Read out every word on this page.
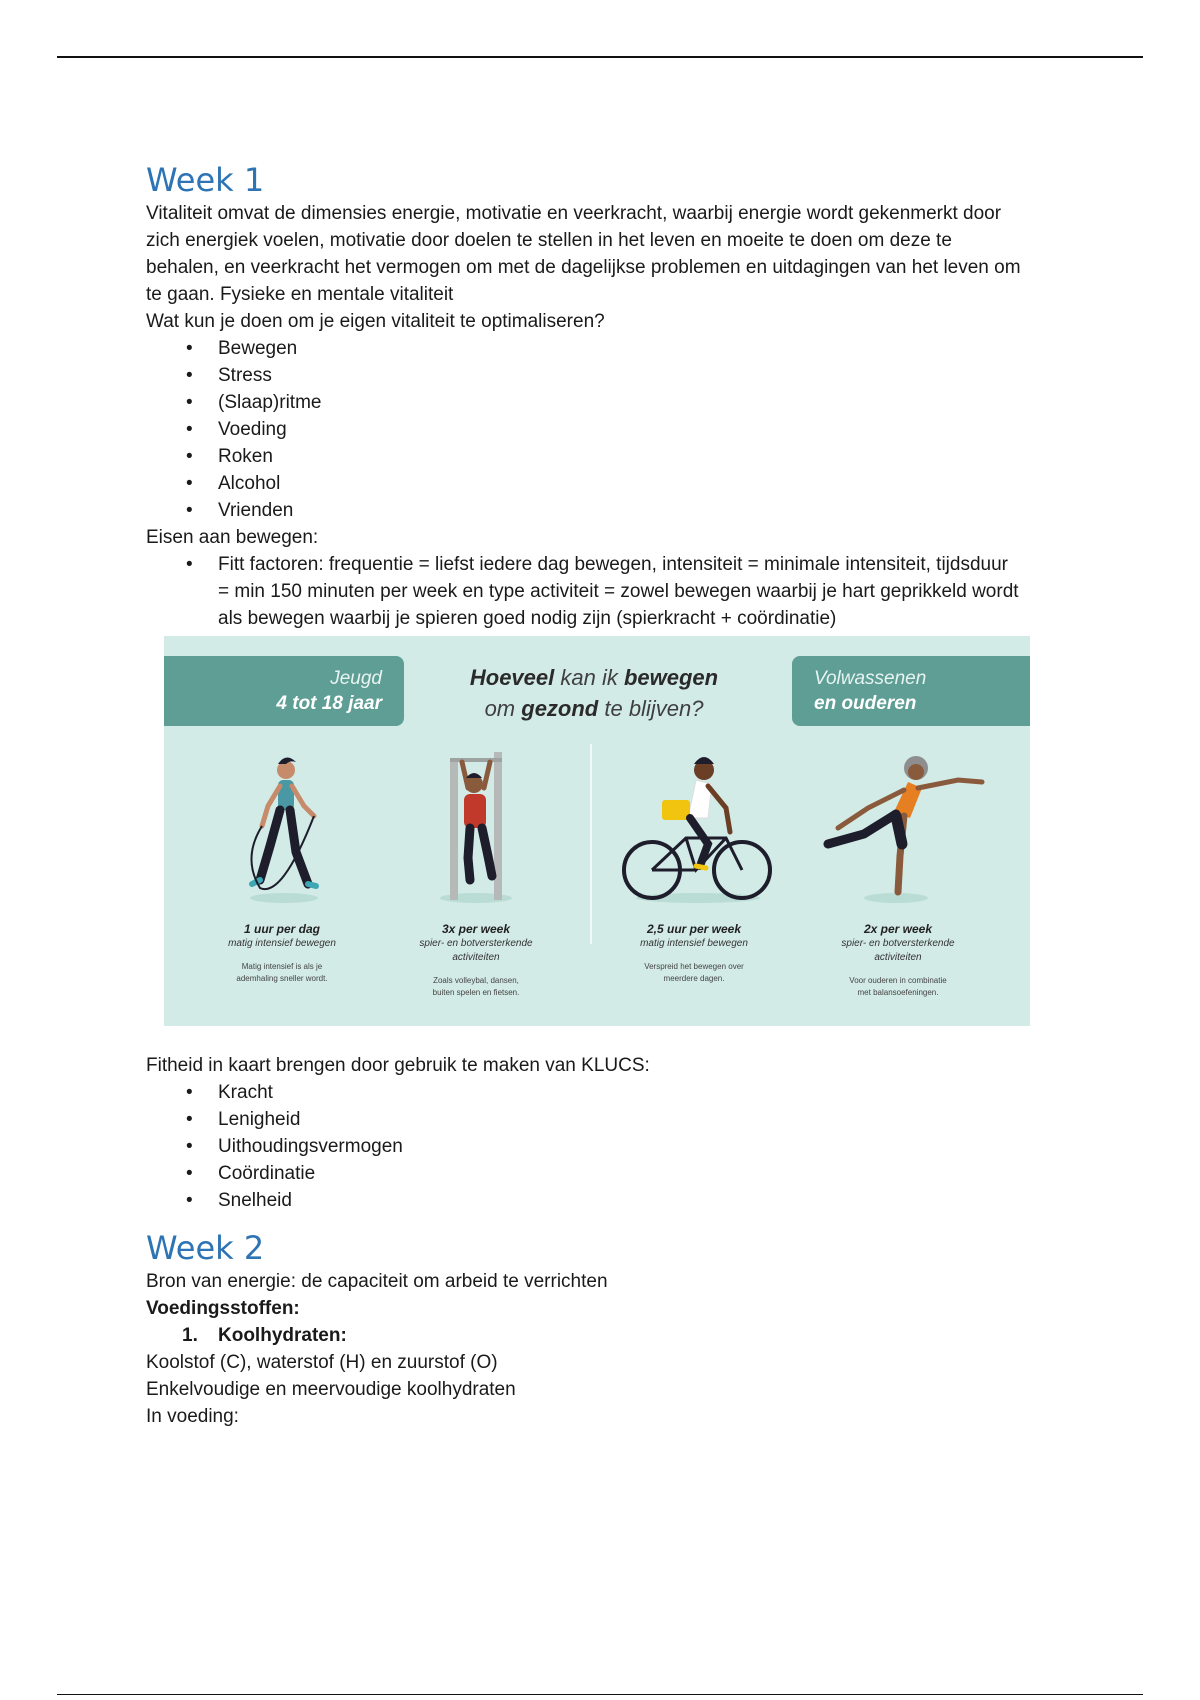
Week 1

Vitaliteit omvat de dimensies energie, motivatie en veerkracht, waarbij energie wordt gekenmerkt door

zich energiek voelen, motivatie door doelen te stellen in het leven en moeite te doen om deze te

behalen, en veerkracht het vermogen om met de dagelijkse problemen en uitdagingen van het leven om

te gaan. Fysieke en mentale vitaliteit

Wat kun je doen om je eigen vitaliteit te optimaliseren?

• Bewegen
• Stress
• (Slaap)ritme
• Voeding
• Roken
• Alcohol
• Vrienden

Eisen aan bewegen:

• Fitt factoren: frequentie = liefst iedere dag bewegen, intensiteit = minimale intensiteit, tijdsduur
= min 150 minuten per week en type activiteit = zowel bewegen waarbij je hart geprikkeld wordt
als bewegen waarbij je spieren goed nodig zijn (spierkracht + coördinatie)
Jeugd
4 tot 18 jaar
Hoeveel kan ik bewegen
om gezond te blijven?
Volwassenen
en ouderen
1 uur per dag
matig intensief bewegen
Matig intensief is als je
ademhaling sneller wordt.
3x per week
spier- en botversterkende
activiteiten
Zoals volleybal, dansen,
buiten spelen en fietsen.
2,5 uur per week
matig intensief bewegen
Verspreid het bewegen over
meerdere dagen.
2x per week
spier- en botversterkende
activiteiten
Voor ouderen in combinatie
met balansoefeningen.

Fitheid in kaart brengen door gebruik te maken van KLUCS:

• Kracht
• Lenigheid
• Uithoudingsvermogen
• Coördinatie
• Snelheid
Week 2

Bron van energie: de capaciteit om arbeid te verrichten

Voedingsstoffen:

1. Koolhydraten:

Koolstof (C), waterstof (H) en zuurstof (O)

Enkelvoudige en meervoudige koolhydraten

In voeding:
